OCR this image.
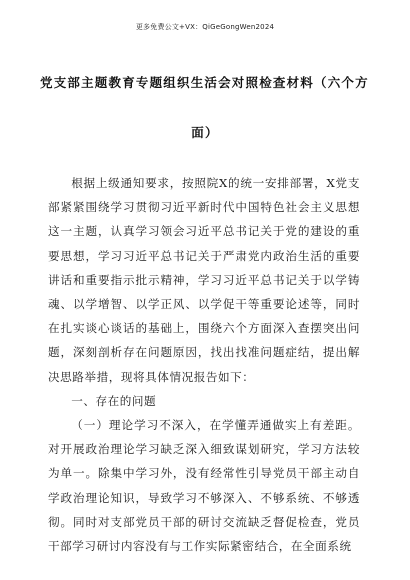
更多免费公文+VX：QiGeGongWen2024
党支部主题教育专题组织生活会对照检查材料（六个方
面）

根据上级通知要求，按照院X的统一安排部署，X党支部紧紧围绕学习贯彻习近平新时代中国特色社会主义思想这一主题，认真学习领会习近平总书记关于党的建设的重要思想，学习习近平总书记关于严肃党内政治生活的重要讲话和重要指示批示精神，学习习近平总书记关于以学铸魂、以学增智、以学正风、以学促干等重要论述等，同时在扎实谈心谈话的基础上，围绕六个方面深入查摆突出问题，深刻剖析存在问题原因，找出找准问题症结，提出解决思路举措，现将具体情况报告如下：

一、存在的问题

（一）理论学习不深入，在学懂弄通做实上有差距。对开展政治理论学习缺乏深入细致谋划研究，学习方法较为单一。除集中学习外，没有经常性引导党员干部主动自学政治理论知识，导致学习不够深入、不够系统、不够透彻。同时对支部党员干部的研讨交流缺乏督促检查，党员干部学习研讨内容没有与工作实际紧密结合，在全面系统
